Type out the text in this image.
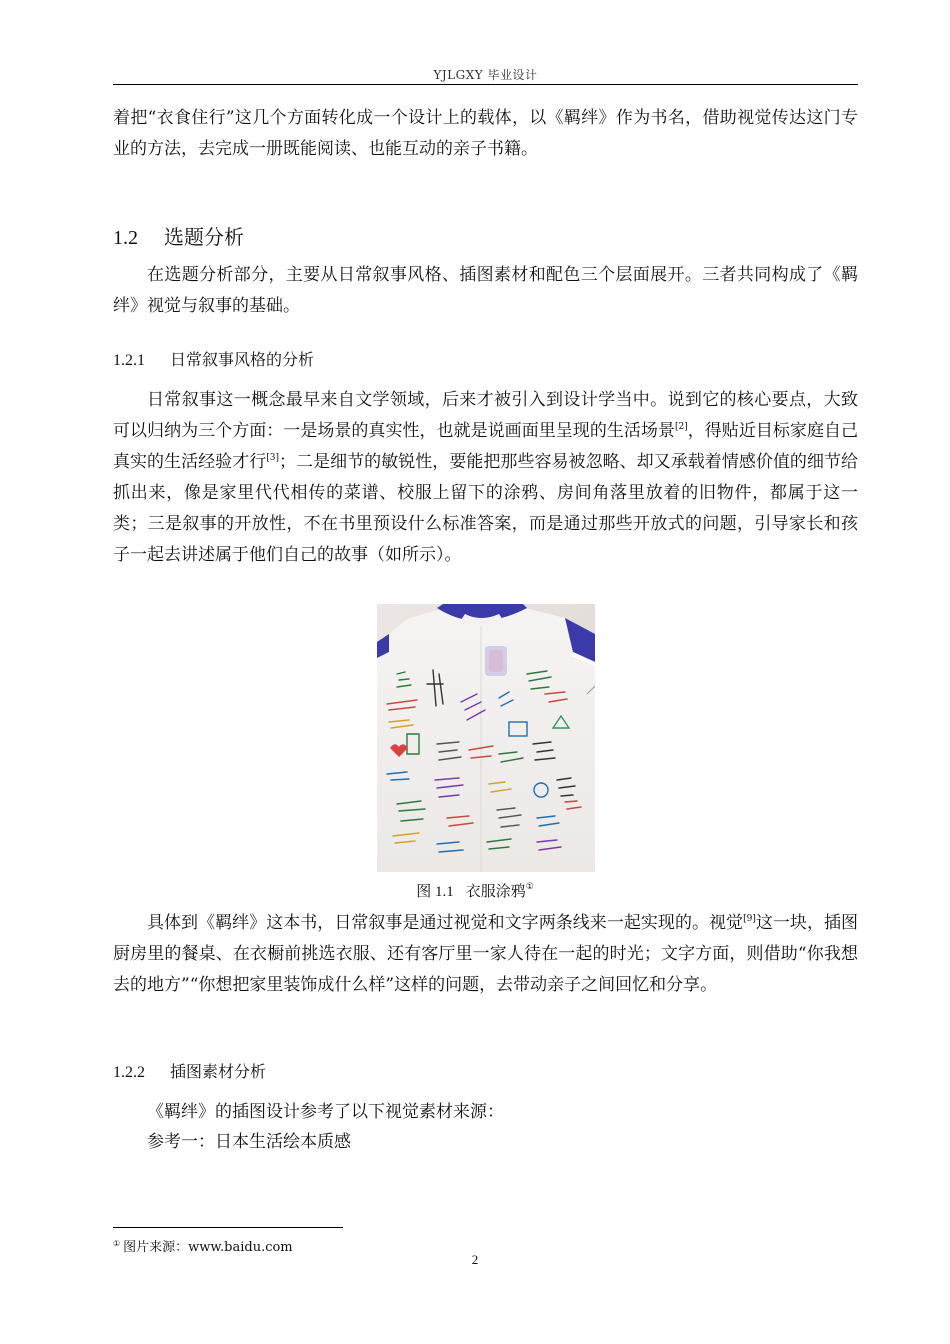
YJLGXY 毕业设计

着把“衣食住行”这几个方面转化成一个设计上的载体，以《羁绊》作为书名，借助视觉传达这门专业的方法，去完成一册既能阅读、也能互动的亲子书籍。

1.2 选题分析

在选题分析部分，主要从日常叙事风格、插图素材和配色三个层面展开。三者共同构成了《羁绊》视觉与叙事的基础。

1.2.1 日常叙事风格的分析

日常叙事这一概念最早来自文学领域，后来才被引入到设计学当中。说到它的核心要点，大致可以归纳为三个方面：一是场景的真实性，也就是说画面里呈现的生活场景[2]，得贴近目标家庭自己真实的生活经验才行[3]；二是细节的敏锐性，要能把那些容易被忽略、却又承载着情感价值的细节给抓出来，像是家里代代相传的菜谱、校服上留下的涂鸦、房间角落里放着的旧物件，都属于这一类；三是叙事的开放性，不在书里预设什么标准答案，而是通过那些开放式的问题，引导家长和孩子一起去讲述属于他们自己的故事（如所示）。

图 1.1 衣服涂鸦①

具体到《羁绊》这本书，日常叙事是通过视觉和文字两条线来一起实现的。视觉[9]这一块，插图厨房里的餐桌、在衣橱前挑选衣服、还有客厅里一家人待在一起的时光；文字方面，则借助“你我想去的地方”“你想把家里装饰成什么样”这样的问题，去带动亲子之间回忆和分享。

1.2.2 插图素材分析

《羁绊》的插图设计参考了以下视觉素材来源：

参考一：日本生活绘本质感

① 图片来源：www.baidu.com
2
